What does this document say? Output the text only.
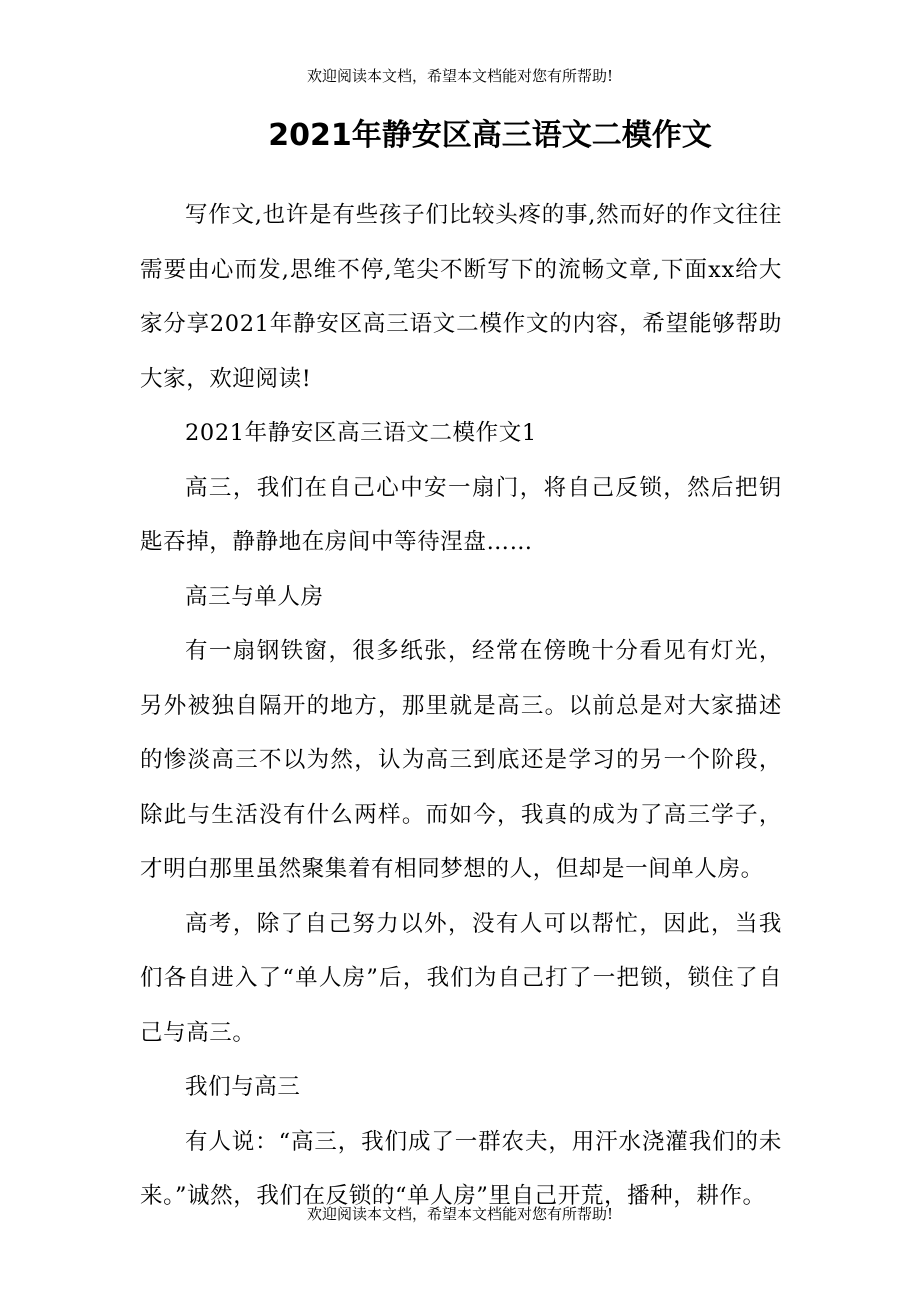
欢迎阅读本文档，希望本文档能对您有所帮助!
2021年静安区高三语文二模作文

写作文,也许是有些孩子们比较头疼的事,然而好的作文往往需要由心而发,思维不停,笔尖不断写下的流畅文章,下面xx给大家分享2021年静安区高三语文二模作文的内容，希望能够帮助大家，欢迎阅读!

2021年静安区高三语文二模作文1

高三，我们在自己心中安一扇门，将自己反锁，然后把钥匙吞掉，静静地在房间中等待涅盘……

高三与单人房

有一扇钢铁窗，很多纸张，经常在傍晚十分看见有灯光，另外被独自隔开的地方，那里就是高三。以前总是对大家描述的惨淡高三不以为然，认为高三到底还是学习的另一个阶段，除此与生活没有什么两样。而如今，我真的成为了高三学子，才明白那里虽然聚集着有相同梦想的人，但却是一间单人房。

高考，除了自己努力以外，没有人可以帮忙，因此，当我们各自进入了“单人房”后，我们为自己打了一把锁，锁住了自己与高三。

我们与高三

有人说：“高三，我们成了一群农夫，用汗水浇灌我们的未来。”诚然，我们在反锁的“单人房”里自己开荒，播种，耕作。

欢迎阅读本文档，希望本文档能对您有所帮助!
